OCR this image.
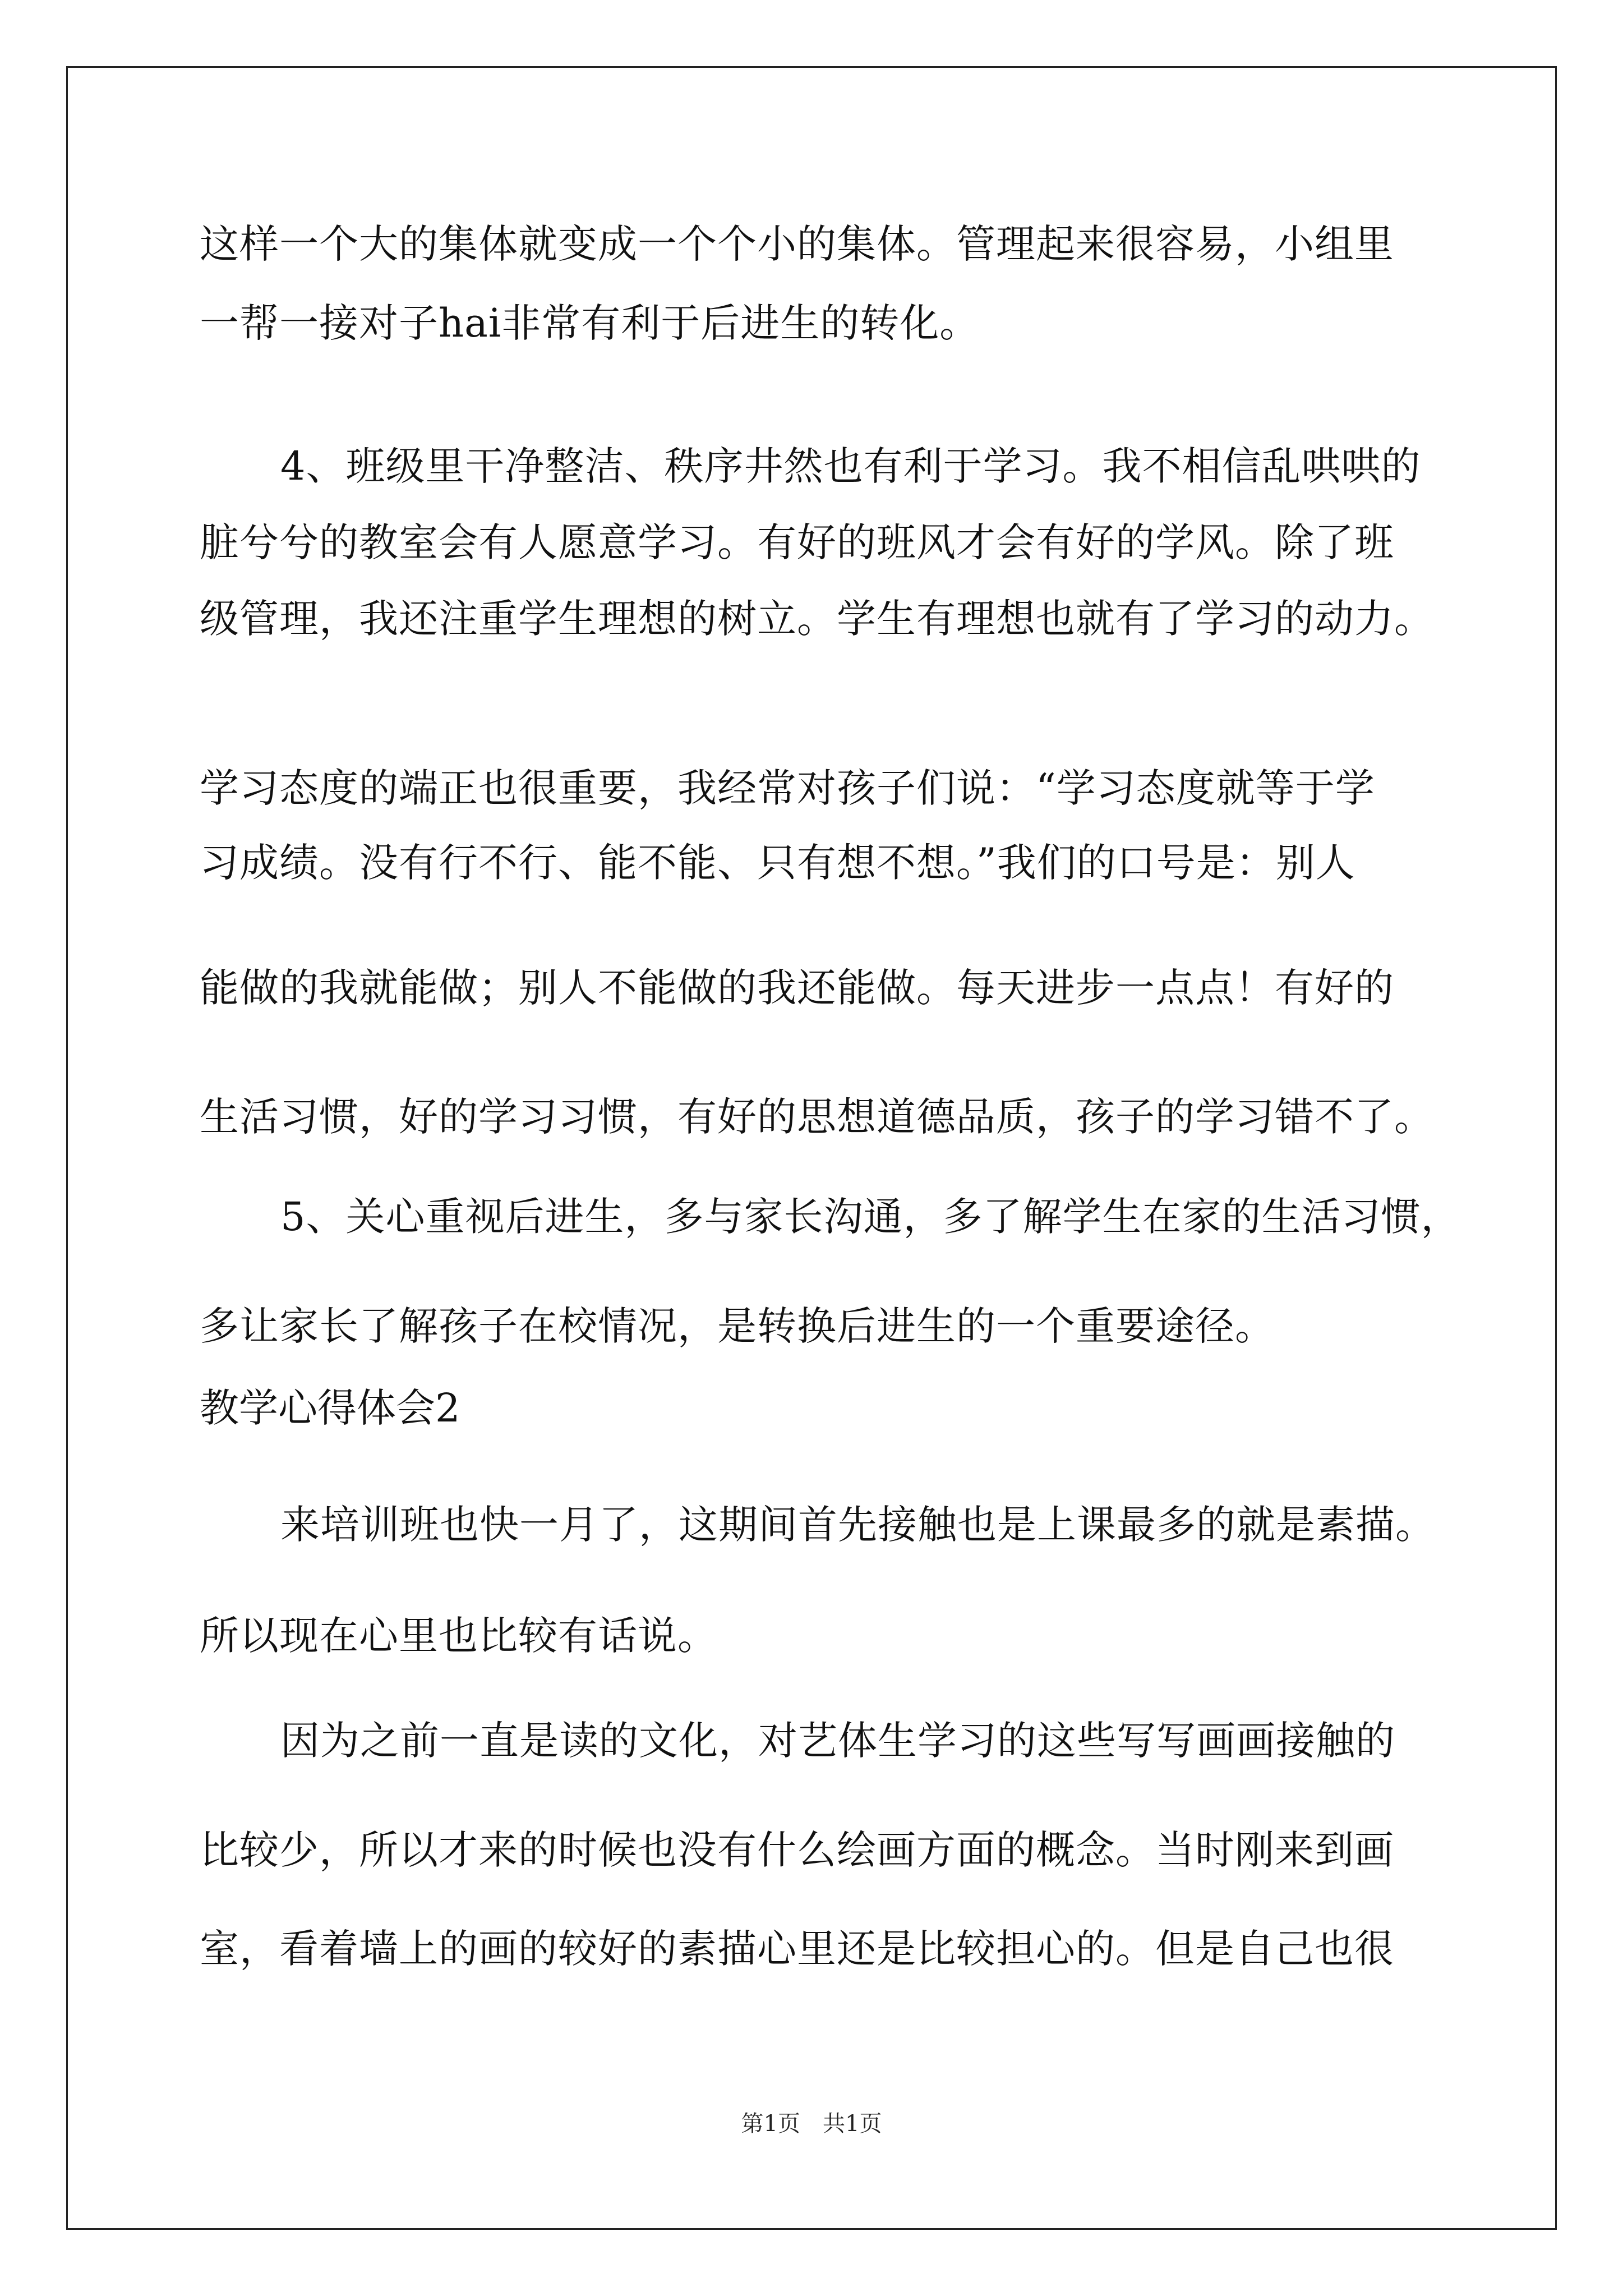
这样一个大的集体就变成一个个小的集体。管理起来很容易，小组里
一帮一接对子hai非常有利于后进生的转化。
4、班级里干净整洁、秩序井然也有利于学习。我不相信乱哄哄的
脏兮兮的教室会有人愿意学习。有好的班风才会有好的学风。除了班
级管理，我还注重学生理想的树立。学生有理想也就有了学习的动力。
学习态度的端正也很重要，我经常对孩子们说：“学习态度就等于学
习成绩。没有行不行、能不能、只有想不想。”我们的口号是：别人
能做的我就能做；别人不能做的我还能做。每天进步一点点！有好的
生活习惯，好的学习习惯，有好的思想道德品质，孩子的学习错不了。
5、关心重视后进生，多与家长沟通，多了解学生在家的生活习惯，
多让家长了解孩子在校情况，是转换后进生的一个重要途径。
教学心得体会2
来培训班也快一月了，这期间首先接触也是上课最多的就是素描。
所以现在心里也比较有话说。
因为之前一直是读的文化，对艺体生学习的这些写写画画接触的
比较少，所以才来的时候也没有什么绘画方面的概念。当时刚来到画
室，看着墙上的画的较好的素描心里还是比较担心的。但是自己也很
第1页　共1页
